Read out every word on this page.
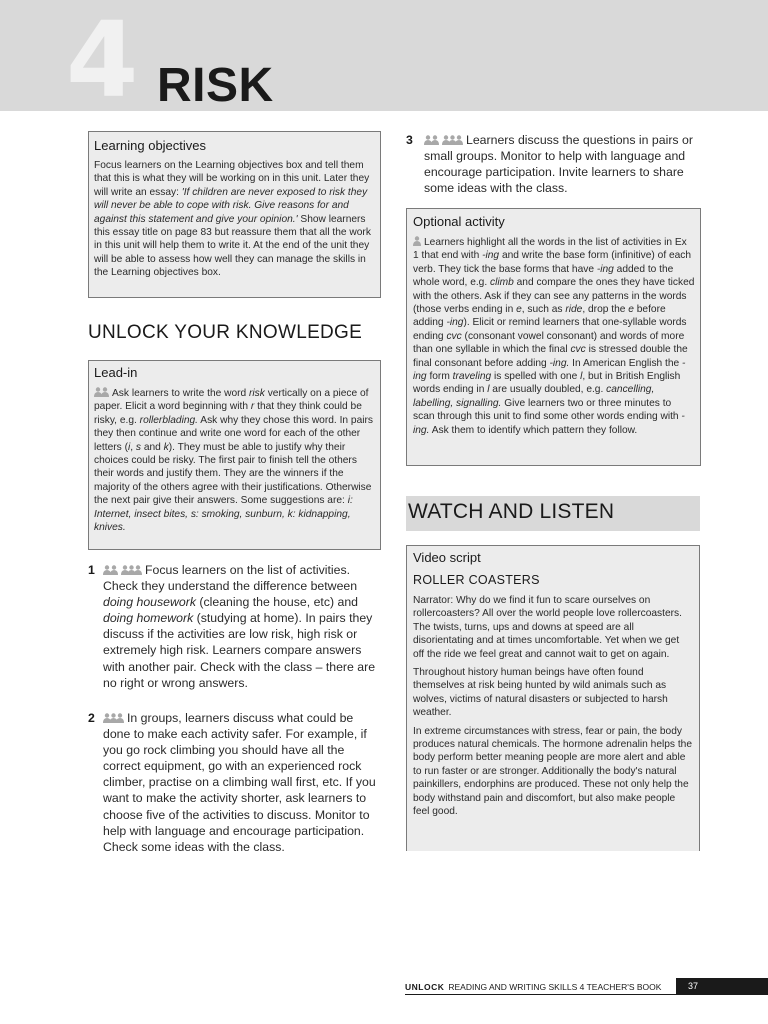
4 RISK
Learning objectives
Focus learners on the Learning objectives box and tell them that this is what they will be working on in this unit. Later they will write an essay: 'If children are never exposed to risk they will never be able to cope with risk. Give reasons for and against this statement and give your opinion.' Show learners this essay title on page 83 but reassure them that all the work in this unit will help them to write it. At the end of the unit they will be able to assess how well they can manage the skills in the Learning objectives box.
UNLOCK YOUR KNOWLEDGE
Lead-in
Ask learners to write the word risk vertically on a piece of paper. Elicit a word beginning with r that they think could be risky, e.g. rollerblading. Ask why they chose this word. In pairs they then continue and write one word for each of the other letters (i, s and k). They must be able to justify why their choices could be risky. The first pair to finish tell the others their words and justify them. They are the winners if the majority of the others agree with their justifications. Otherwise the next pair give their answers. Some suggestions are: i: Internet, insect bites, s: smoking, sunburn, k: kidnapping, knives.
1	Focus learners on the list of activities. Check they understand the difference between doing housework (cleaning the house, etc) and doing homework (studying at home). In pairs they discuss if the activities are low risk, high risk or extremely high risk. Learners compare answers with another pair. Check with the class – there are no right or wrong answers.
2	In groups, learners discuss what could be done to make each activity safer. For example, if you go rock climbing you should have all the correct equipment, go with an experienced rock climber, practise on a climbing wall first, etc. If you want to make the activity shorter, ask learners to choose five of the activities to discuss. Monitor to help with language and encourage participation. Check some ideas with the class.
3	Learners discuss the questions in pairs or small groups. Monitor to help with language and encourage participation. Invite learners to share some ideas with the class.
Optional activity
Learners highlight all the words in the list of activities in Ex 1 that end with -ing and write the base form (infinitive) of each verb. They tick the base forms that have -ing added to the whole word, e.g. climb and compare the ones they have ticked with the others. Ask if they can see any patterns in the words (those verbs ending in e, such as ride, drop the e before adding -ing). Elicit or remind learners that one-syllable words ending cvc (consonant vowel consonant) and words of more than one syllable in which the final cvc is stressed double the final consonant before adding -ing. In American English the -ing form traveling is spelled with one l, but in British English words ending in l are usually doubled, e.g. cancelling, labelling, signalling. Give learners two or three minutes to scan through this unit to find some other words ending with -ing. Ask them to identify which pattern they follow.
WATCH AND LISTEN
Video script
ROLLER COASTERS

Narrator: Why do we find it fun to scare ourselves on rollercoasters? All over the world people love rollercoasters. The twists, turns, ups and downs at speed are all disorientating and at times uncomfortable. Yet when we get off the ride we feel great and cannot wait to get on again.

Throughout history human beings have often found themselves at risk being hunted by wild animals such as wolves, victims of natural disasters or subjected to harsh weather.

In extreme circumstances with stress, fear or pain, the body produces natural chemicals. The hormone adrenalin helps the body perform better meaning people are more alert and able to run faster or are stronger. Additionally the body's natural painkillers, endorphins are produced. These not only help the body withstand pain and discomfort, but also make people feel good.

UNLOCK READING AND WRITING SKILLS 4 TEACHER'S BOOK	37
